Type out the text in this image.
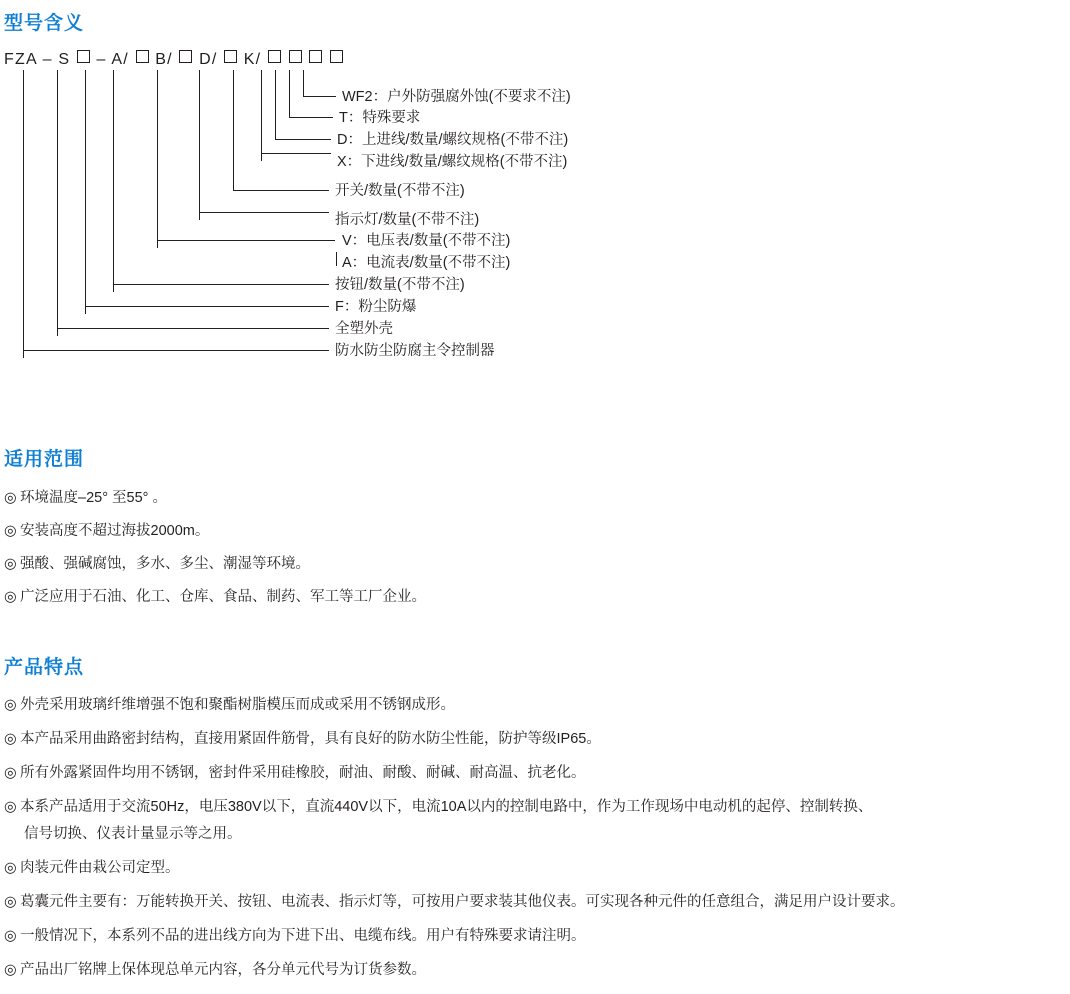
型号含义
FZA – S – A/ B/ D/ K/
WF2：户外防强腐外蚀(不要求不注)
T：特殊要求
D：上进线/数量/螺纹规格(不带不注)
X：下进线/数量/螺纹规格(不带不注)
开关/数量(不带不注)
指示灯/数量(不带不注)
V：电压表/数量(不带不注)
A：电流表/数量(不带不注)
按钮/数量(不带不注)
F：粉尘防爆
全塑外壳
防水防尘防腐主令控制器
适用范围
◎ 环境温度–25° 至55° 。
◎ 安装高度不超过海拔2000m。
◎ 强酸、强碱腐蚀，多水、多尘、潮湿等环境。
◎ 广泛应用于石油、化工、仓库、食品、制药、军工等工厂企业。
产品特点
◎ 外壳采用玻璃纤维增强不饱和聚酯树脂模压而成或采用不锈钢成形。
◎ 本产品采用曲路密封结构，直接用紧固件筋骨，具有良好的防水防尘性能，防护等级IP65。
◎ 所有外露紧固件均用不锈钢，密封件采用硅橡胶，耐油、耐酸、耐碱、耐高温、抗老化。
◎ 本系产品适用于交流50Hz，电压380V以下，直流440V以下，电流10A以内的控制电路中，作为工作现场中电动机的起停、控制转换、
信号切换、仪表计量显示等之用。
◎ 肉装元件由栽公司定型。
◎ 葛囊元件主要有：万能转换开关、按钮、电流表、指示灯等，可按用户要求装其他仪表。可实现各种元件的任意组合，满足用户设计要求。
◎ 一般情况下，本系列不品的进出线方向为下进下出、电缆布线。用户有特殊要求请注明。
◎ 产品出厂铭牌上保体现总单元内容，各分单元代号为订货参数。
